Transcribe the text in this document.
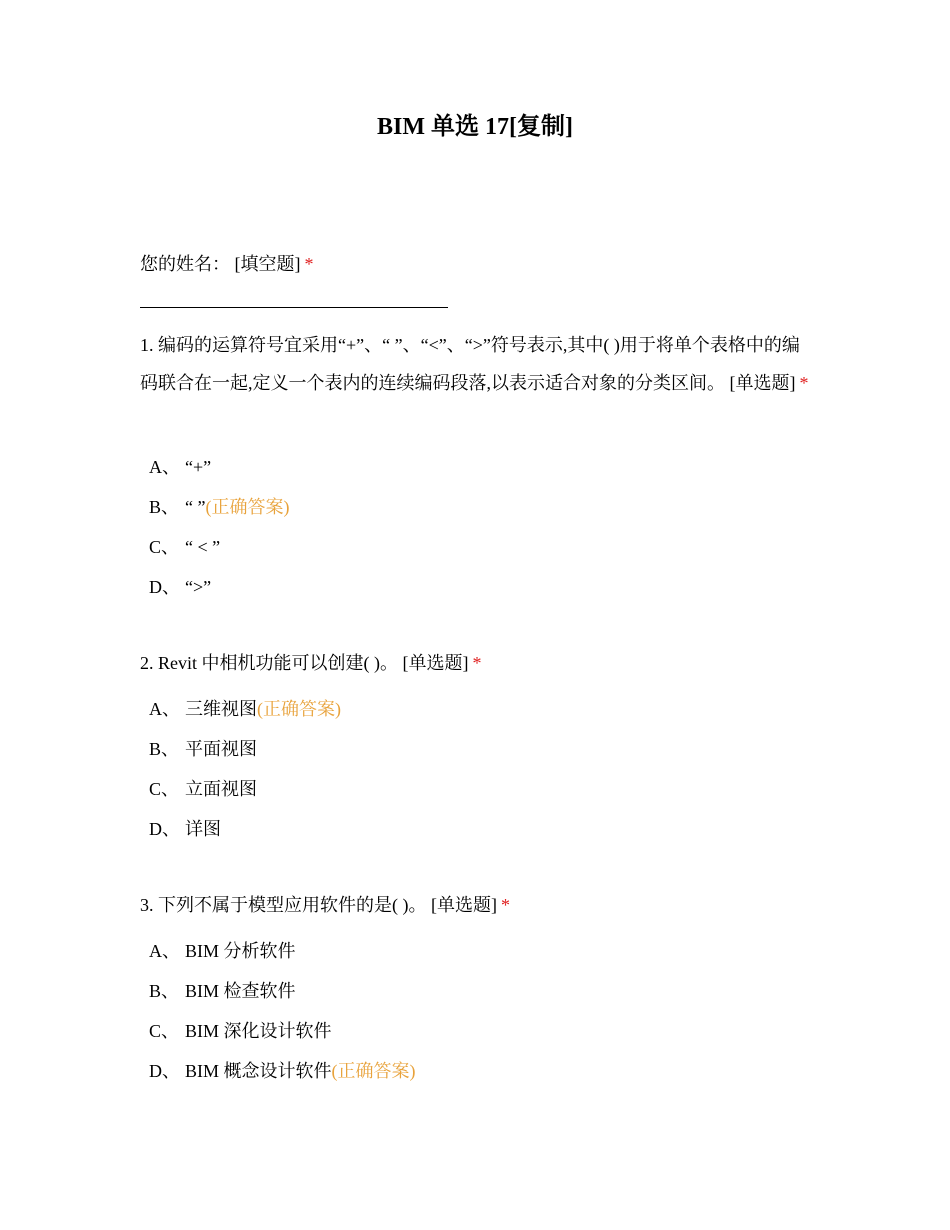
BIM 单选 17[复制]
您的姓名： [填空题] *

1. 编码的运算符号宜采用“+”、“ ”、“<”、“>”符号表示,其中( )用于将单个表格中的编码联合在一起,定义一个表内的连续编码段落,以表示适合对象的分类区间。 [单选题] *

A、 “+”
B、 “ ”(正确答案)
C、 “ < ”
D、 “>”

2. Revit 中相机功能可以创建( )。 [单选题] *

A、 三维视图(正确答案)
B、 平面视图
C、 立面视图
D、 详图

3. 下列不属于模型应用软件的是( )。 [单选题] *

A、 BIM 分析软件
B、 BIM 检查软件
C、 BIM 深化设计软件
D、 BIM 概念设计软件(正确答案)
